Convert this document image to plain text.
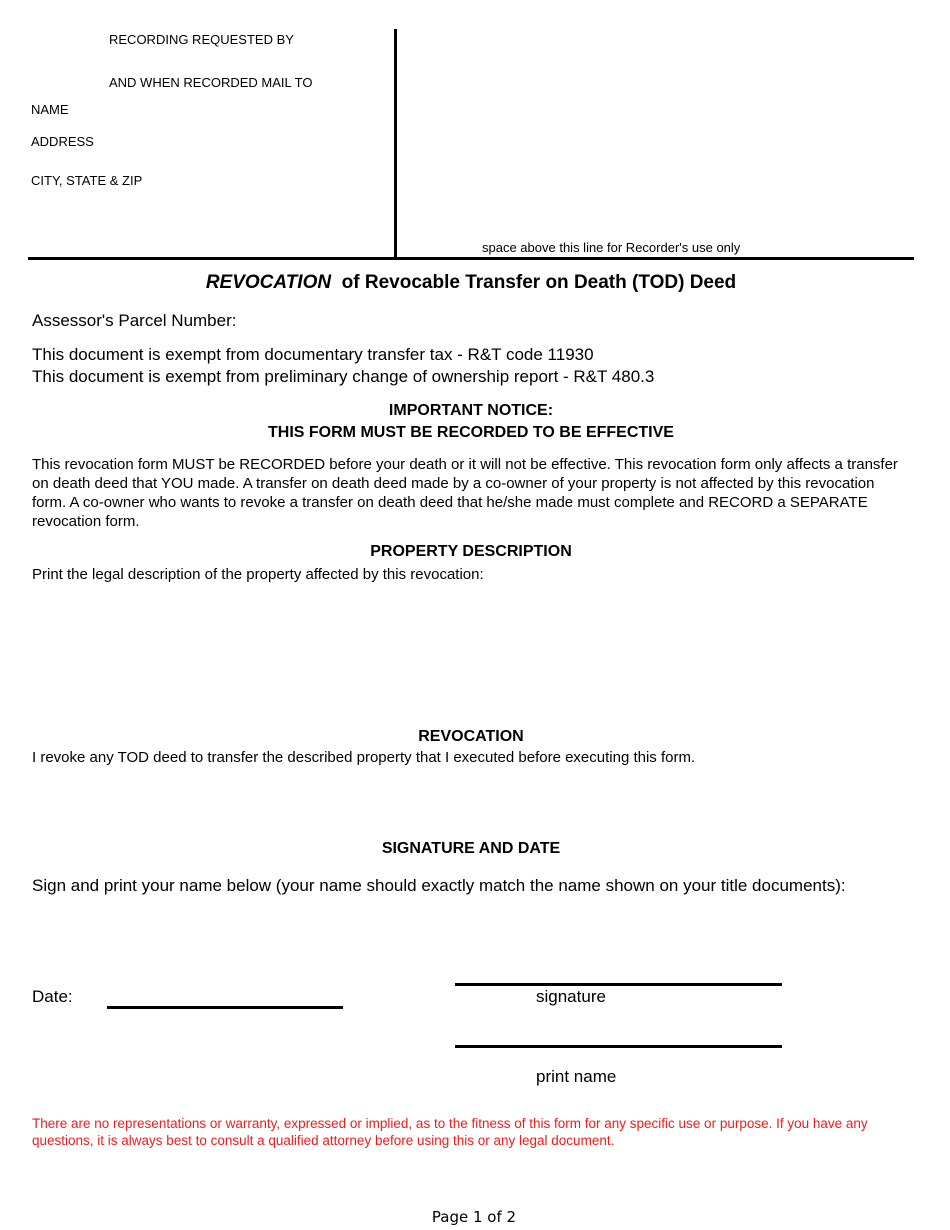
RECORDING REQUESTED BY
AND WHEN RECORDED MAIL TO
NAME
ADDRESS
CITY, STATE & ZIP
space above this line for Recorder's use only
REVOCATION of Revocable Transfer on Death (TOD) Deed
Assessor's Parcel Number:
This document is exempt from documentary transfer tax - R&T code 11930
This document is exempt from preliminary change of ownership report - R&T 480.3
IMPORTANT NOTICE:
THIS FORM MUST BE RECORDED TO BE EFFECTIVE
This revocation form MUST be RECORDED before your death or it will not be effective. This revocation form only affects a transfer on death deed that YOU made. A transfer on death deed made by a co-owner of your property is not affected by this revocation form. A co-owner who wants to revoke a transfer on death deed that he/she made must complete and RECORD a SEPARATE revocation form.
PROPERTY DESCRIPTION
Print the legal description of the property affected by this revocation:
REVOCATION
I revoke any TOD deed to transfer the described property that I executed before executing this form.
SIGNATURE AND DATE
Sign and print your name below (your name should exactly match the name shown on your title documents):
Date:	signature
print name
There are no representations or warranty, expressed or implied, as to the fitness of this form for any specific use or purpose. If you have any questions, it is always best to consult a qualified attorney before using this or any legal document.
Page 1 of 2
